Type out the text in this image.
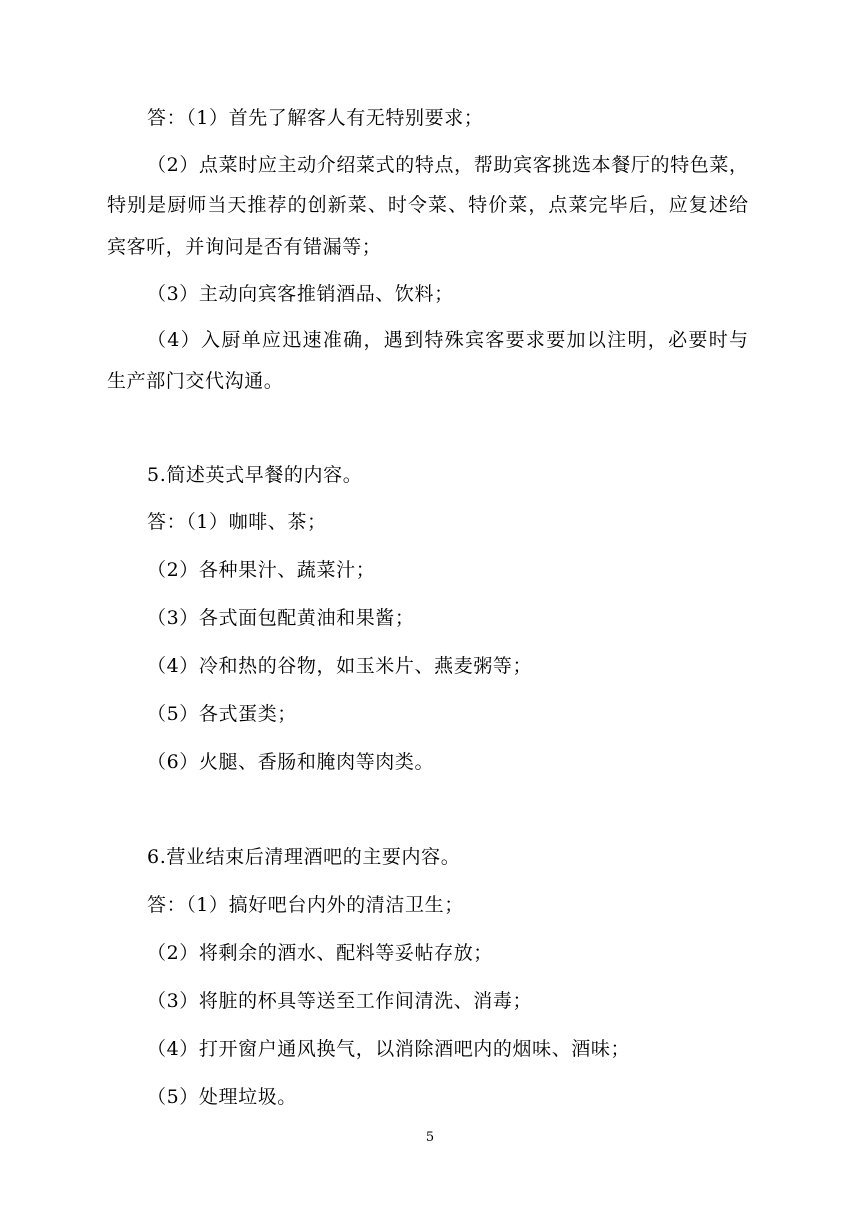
答：（1）首先了解客人有无特别要求；
（2）点菜时应主动介绍菜式的特点，帮助宾客挑选本餐厅的特色菜，
特别是厨师当天推荐的创新菜、时令菜、特价菜，点菜完毕后，应复述给
宾客听，并询问是否有错漏等；
（3）主动向宾客推销酒品、饮料；
（4）入厨单应迅速准确，遇到特殊宾客要求要加以注明，必要时与
生产部门交代沟通。
5.简述英式早餐的内容。
答：（1）咖啡、茶；
（2）各种果汁、蔬菜汁；
（3）各式面包配黄油和果酱；
（4）冷和热的谷物，如玉米片、燕麦粥等；
（5）各式蛋类；
（6）火腿、香肠和腌肉等肉类。
6.营业结束后清理酒吧的主要内容。
答：（1）搞好吧台内外的清洁卫生；
（2）将剩余的酒水、配料等妥帖存放；
（3）将脏的杯具等送至工作间清洗、消毒；
（4）打开窗户通风换气，以消除酒吧内的烟味、酒味；
（5）处理垃圾。
5
